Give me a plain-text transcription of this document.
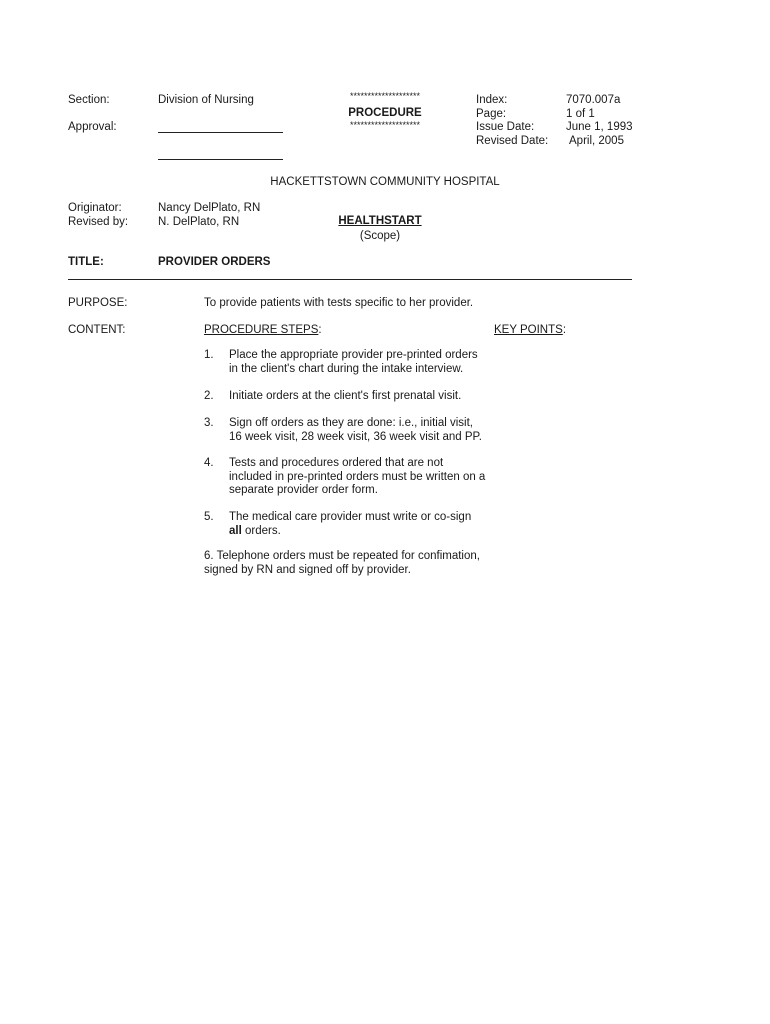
Section:	Division of Nursing
Approval:
********************
PROCEDURE
********************
Index:	7070.007a
Page:	1 of 1
Issue Date:	June 1, 1993
Revised Date: April, 2005
HACKETTSTOWN COMMUNITY HOSPITAL
Originator:	Nancy DelPlato, RN
Revised by:	N. DelPlato, RN	HEALTHSTART
(Scope)
TITLE:	PROVIDER ORDERS
PURPOSE:	To provide patients with tests specific to her provider.
CONTENT:	PROCEDURE STEPS:	KEY POINTS:
1. Place the appropriate provider pre-printed orders in the client's chart during the intake interview.
2. Initiate orders at the client's first prenatal visit.
3. Sign off orders as they are done: i.e., initial visit, 16 week visit, 28 week visit, 36 week visit and PP.
4. Tests and procedures ordered that are not included in pre-printed orders must be written on a separate provider order form.
5. The medical care provider must write or co-sign all orders.
6. Telephone orders must be repeated for confimation, signed by RN and signed off by provider.
